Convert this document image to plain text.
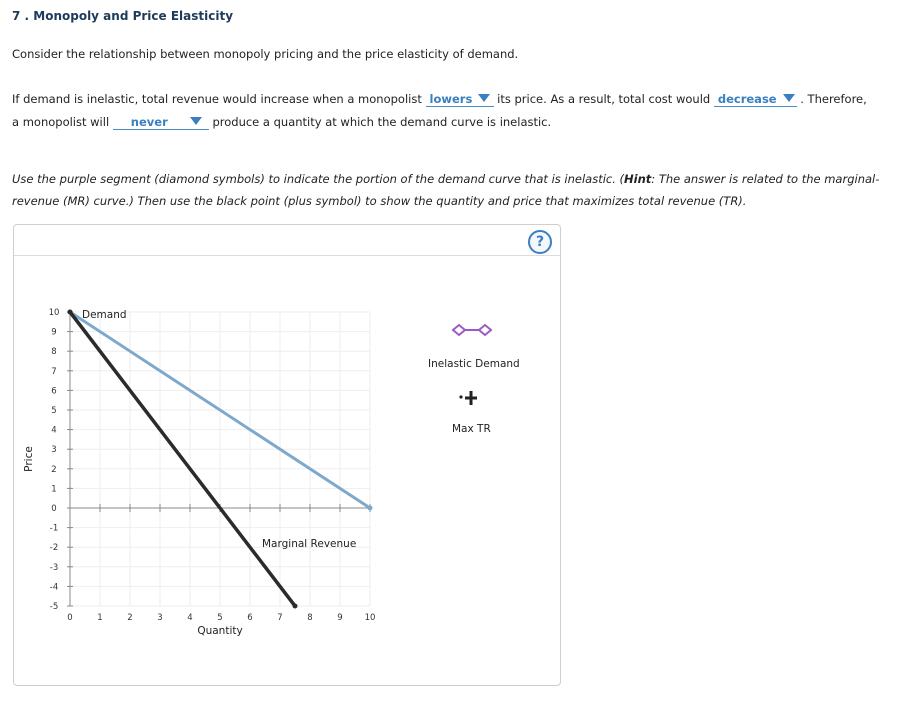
7 . Monopoly and Price Elasticity
Consider the relationship between monopoly pricing and the price elasticity of demand.
If demand is inelastic, total revenue would increase when a monopolist lowers its price. As a result, total cost would decrease . Therefore,
a monopolist will never	produce a quantity at which the demand curve is inelastic.
Use the purple segment (diamond symbols) to indicate the portion of the demand curve that is inelastic. (Hint: The answer is related to the marginal-
revenue (MR) curve.) Then use the black point (plus symbol) to show the quantity and price that maximizes total revenue (TR).
?
0	1	2	3	4	5	6	7	8	9	10
10
9
8
7
6
5
4
3
2
1
0
-1
-2
-3
-4
-5
Quantity
Price
Demand
Marginal Revenue
Inelastic Demand
Max TR
